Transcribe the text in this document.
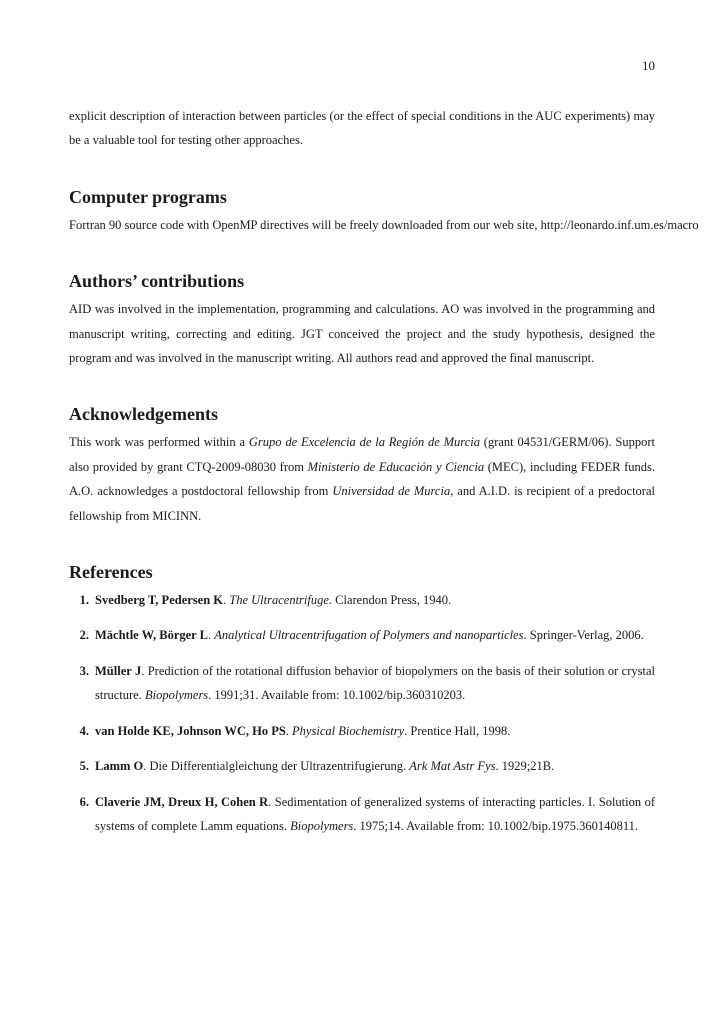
10

explicit description of interaction between particles (or the effect of special conditions in the AUC experiments) may be a valuable tool for testing other approaches.

Computer programs
Fortran 90 source code with OpenMP directives will be freely downloaded from our web site, http://leonardo.inf.um.es/macro
Authors’ contributions

AID was involved in the implementation, programming and calculations. AO was involved in the programming and manuscript writing, correcting and editing. JGT conceived the project and the study hypothesis, designed the program and was involved in the manuscript writing. All authors read and approved the final manuscript.

Acknowledgements

This work was performed within a Grupo de Excelencia de la Región de Murcia (grant 04531/GERM/06). Support also provided by grant CTQ-2009-08030 from Ministerio de Educación y Ciencia (MEC), including FEDER funds. A.O. acknowledges a postdoctoral fellowship from Universidad de Murcia, and A.I.D. is recipient of a predoctoral fellowship from MICINN.

References
1. Svedberg T, Pedersen K. The Ultracentrifuge. Clarendon Press, 1940.
2. Mächtle W, Börger L. Analytical Ultracentrifugation of Polymers and nanoparticles. Springer-Verlag, 2006.
3. Müller J. Prediction of the rotational diffusion behavior of biopolymers on the basis of their solution or crystal structure. Biopolymers. 1991;31. Available from: 10.1002/bip.360310203.
4. van Holde KE, Johnson WC, Ho PS. Physical Biochemistry. Prentice Hall, 1998.
5. Lamm O. Die Differentialgleichung der Ultrazentrifugierung. Ark Mat Astr Fys. 1929;21B.
6. Claverie JM, Dreux H, Cohen R. Sedimentation of generalized systems of interacting particles. I. Solution of systems of complete Lamm equations. Biopolymers. 1975;14. Available from: 10.1002/bip.1975.360140811.
